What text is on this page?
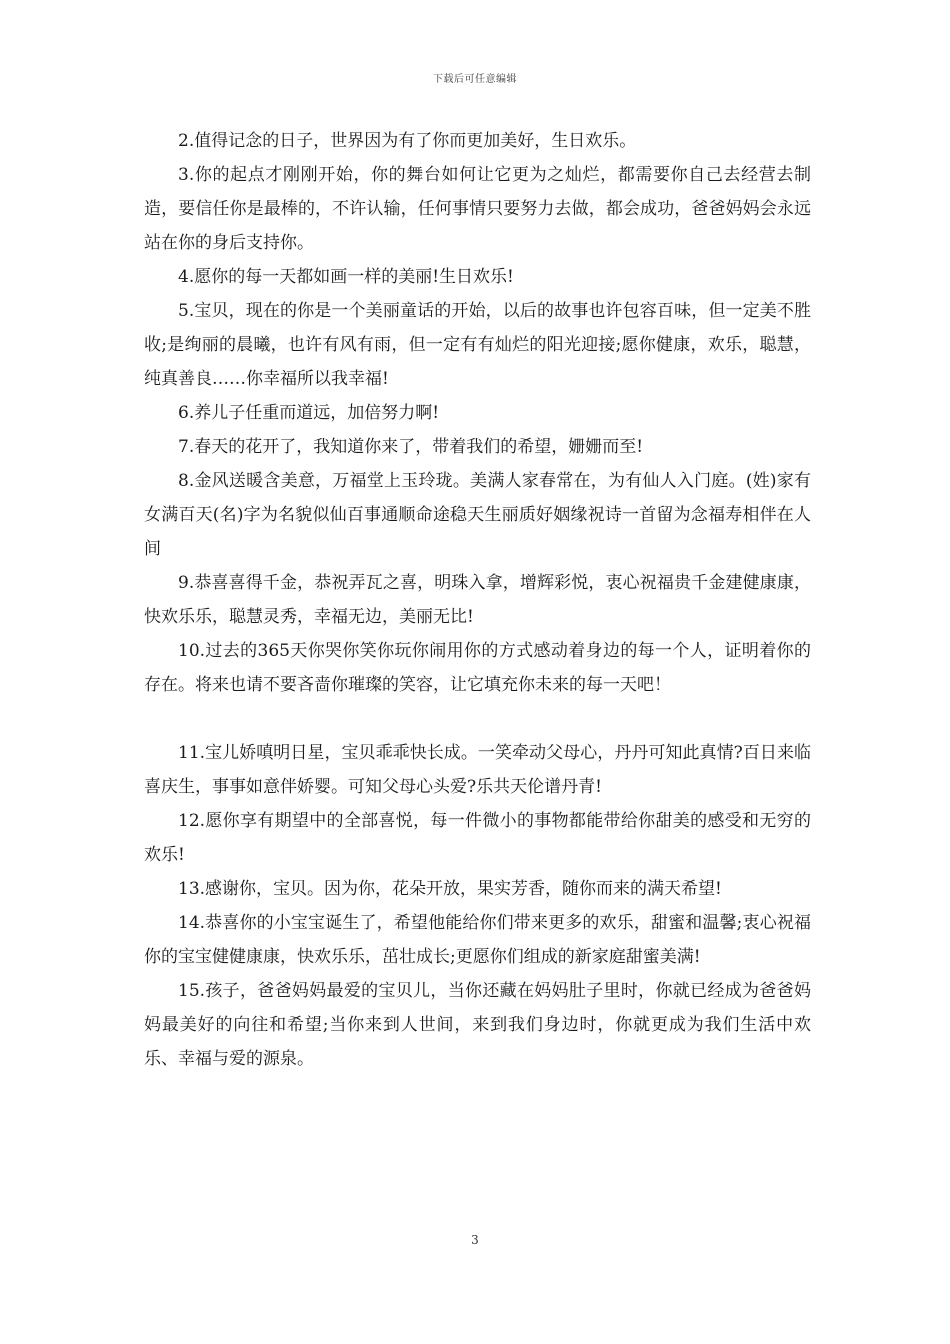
下载后可任意编辑

2.值得记念的日子，世界因为有了你而更加美好，生日欢乐。

3.你的起点才刚刚开始，你的舞台如何让它更为之灿烂，都需要你自己去经营去制造，要信任你是最棒的，不许认输，任何事情只要努力去做，都会成功，爸爸妈妈会永远站在你的身后支持你。

4.愿你的每一天都如画一样的美丽!生日欢乐!

5.宝贝，现在的你是一个美丽童话的开始，以后的故事也许包容百味，但一定美不胜收;是绚丽的晨曦，也许有风有雨，但一定有有灿烂的阳光迎接;愿你健康，欢乐，聪慧，纯真善良……你幸福所以我幸福!

6.养儿子任重而道远，加倍努力啊!

7.春天的花开了，我知道你来了，带着我们的希望，姗姗而至!

8.金风送暖含美意，万福堂上玉玲珑。美满人家春常在，为有仙人入门庭。(姓)家有女满百天(名)字为名貌似仙百事通顺命途稳天生丽质好姻缘祝诗一首留为念福寿相伴在人间

9.恭喜喜得千金，恭祝弄瓦之喜，明珠入拿，增辉彩悦，衷心祝福贵千金建健康康，快欢乐乐，聪慧灵秀，幸福无边，美丽无比!

10.过去的365天你哭你笑你玩你闹用你的方式感动着身边的每一个人，证明着你的存在。将来也请不要吝啬你璀璨的笑容，让它填充你未来的每一天吧！

11.宝儿娇嗔明日星，宝贝乖乖快长成。一笑牵动父母心，丹丹可知此真情?百日来临喜庆生，事事如意伴娇婴。可知父母心头爱?乐共天伦谱丹青!

12.愿你享有期望中的全部喜悦，每一件微小的事物都能带给你甜美的感受和无穷的欢乐!

13.感谢你，宝贝。因为你，花朵开放，果实芳香，随你而来的满天希望!

14.恭喜你的小宝宝诞生了，希望他能给你们带来更多的欢乐，甜蜜和温馨;衷心祝福你的宝宝健健康康，快欢乐乐，茁壮成长;更愿你们组成的新家庭甜蜜美满!

15.孩子，爸爸妈妈最爱的宝贝儿，当你还藏在妈妈肚子里时，你就已经成为爸爸妈妈最美好的向往和希望;当你来到人世间，来到我们身边时，你就更成为我们生活中欢乐、幸福与爱的源泉。

3
